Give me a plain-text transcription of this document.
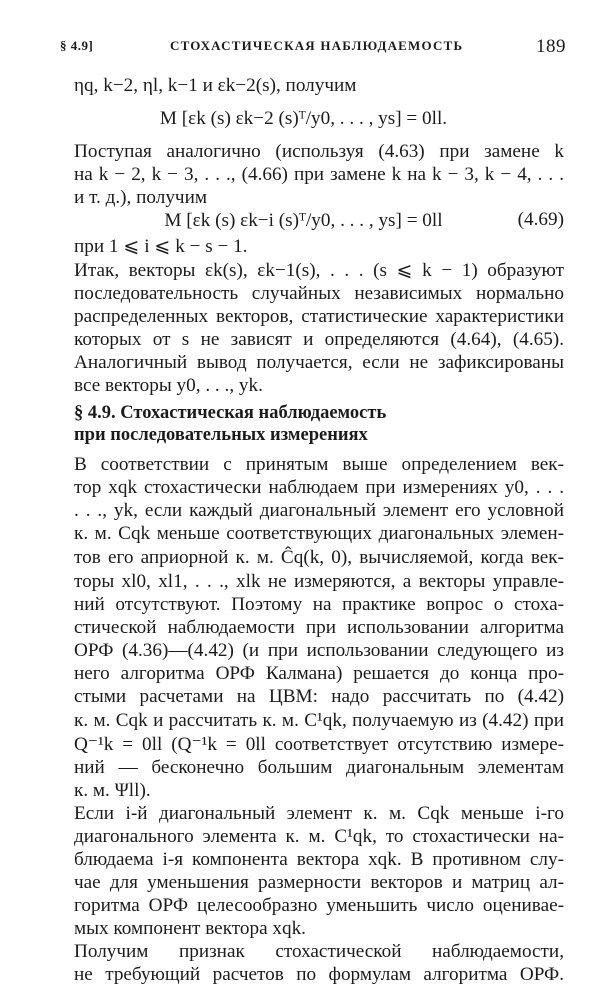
§ 4.9]	СТОХАСТИЧЕСКАЯ НАБЛЮДАЕМОСТЬ	189
ηq, k−2, ηl, k−1 и εk−2(s), получим
M [εk (s) εk−2 (s)ᵀ/y0, . . . , ys] = 0ll.
Поступая аналогично (используя (4.63) при замене k
на k − 2, k − 3, . . ., (4.66) при замене k на k − 3, k − 4, . . .
и т. д.), получим
M [εk (s) εk−i (s)ᵀ/y0, . . . , ys] = 0ll	(4.69)
при 1 ⩽ i ⩽ k − s − 1.
Итак, векторы εk(s), εk−1(s), . . . (s ⩽ k − 1) образуют
последовательность случайных независимых нормально
распределенных векторов, статистические характеристики
которых от s не зависят и определяются (4.64), (4.65).
Аналогичный вывод получается, если не зафиксированы
все векторы y0, . . ., yk.
§ 4.9. Стохастическая наблюдаемость
при последовательных измерениях
В соответствии с принятым выше определением век-
тор xqk стохастически наблюдаем при измерениях y0, . . .
. . ., yk, если каждый диагональный элемент его условной
к. м. Cqk меньше соответствующих диагональных элемен-
тов его априорной к. м. Ĉq(k, 0), вычисляемой, когда век-
торы xl0, xl1, . . ., xlk не измеряются, а векторы управле-
ний отсутствуют. Поэтому на практике вопрос о стоха-
стической наблюдаемости при использовании алгоритма
ОРФ (4.36)—(4.42) (и при использовании следующего из
него алгоритма ОРФ Калмана) решается до конца про-
стыми расчетами на ЦВМ: надо рассчитать по (4.42)
к. м. Cqk и рассчитать к. м. C¹qk, получаемую из (4.42) при
Q⁻¹k = 0ll (Q⁻¹k = 0ll соответствует отсутствию измере-
ний — бесконечно большим диагональным элементам
к. м. Ψll).
Если i-й диагональный элемент к. м. Cqk меньше i-го
диагонального элемента к. м. C¹qk, то стохастически на-
блюдаема i-я компонента вектора xqk. В противном слу-
чае для уменьшения размерности векторов и матриц ал-
горитма ОРФ целесообразно уменьшить число оценивае-
мых компонент вектора xqk.
Получим признак стохастической наблюдаемости,
не требующий расчетов по формулам алгоритма ОРФ.
